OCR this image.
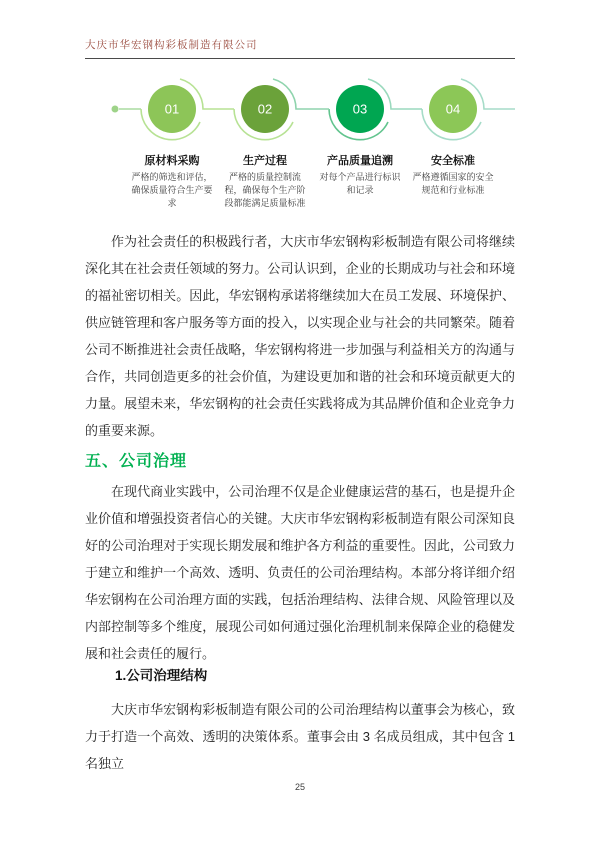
大庆市华宏钢构彩板制造有限公司
01	02	03	04
原材料采购
严格的筛选和评估，确保质量符合生产要求
生产过程
严格的质量控制流程，确保每个生产阶段都能满足质量标准
产品质量追溯
对每个产品进行标识和记录
安全标准
严格遵循国家的安全规范和行业标准
作为社会责任的积极践行者，大庆市华宏钢构彩板制造有限公司将继续深化其在社会责任领域的努力。公司认识到，企业的长期成功与社会和环境的福祉密切相关。因此，华宏钢构承诺将继续加大在员工发展、环境保护、供应链管理和客户服务等方面的投入，以实现企业与社会的共同繁荣。随着公司不断推进社会责任战略，华宏钢构将进一步加强与利益相关方的沟通与合作，共同创造更多的社会价值，为建设更加和谐的社会和环境贡献更大的力量。展望未来，华宏钢构的社会责任实践将成为其品牌价值和企业竞争力的重要来源。
五、公司治理
在现代商业实践中，公司治理不仅是企业健康运营的基石，也是提升企业价值和增强投资者信心的关键。大庆市华宏钢构彩板制造有限公司深知良好的公司治理对于实现长期发展和维护各方利益的重要性。因此，公司致力于建立和维护一个高效、透明、负责任的公司治理结构。本部分将详细介绍华宏钢构在公司治理方面的实践，包括治理结构、法律合规、风险管理以及内部控制等多个维度，展现公司如何通过强化治理机制来保障企业的稳健发展和社会责任的履行。
1.公司治理结构
大庆市华宏钢构彩板制造有限公司的公司治理结构以董事会为核心，致力于打造一个高效、透明的决策体系。董事会由 3 名成员组成，其中包含 1 名独立
25
